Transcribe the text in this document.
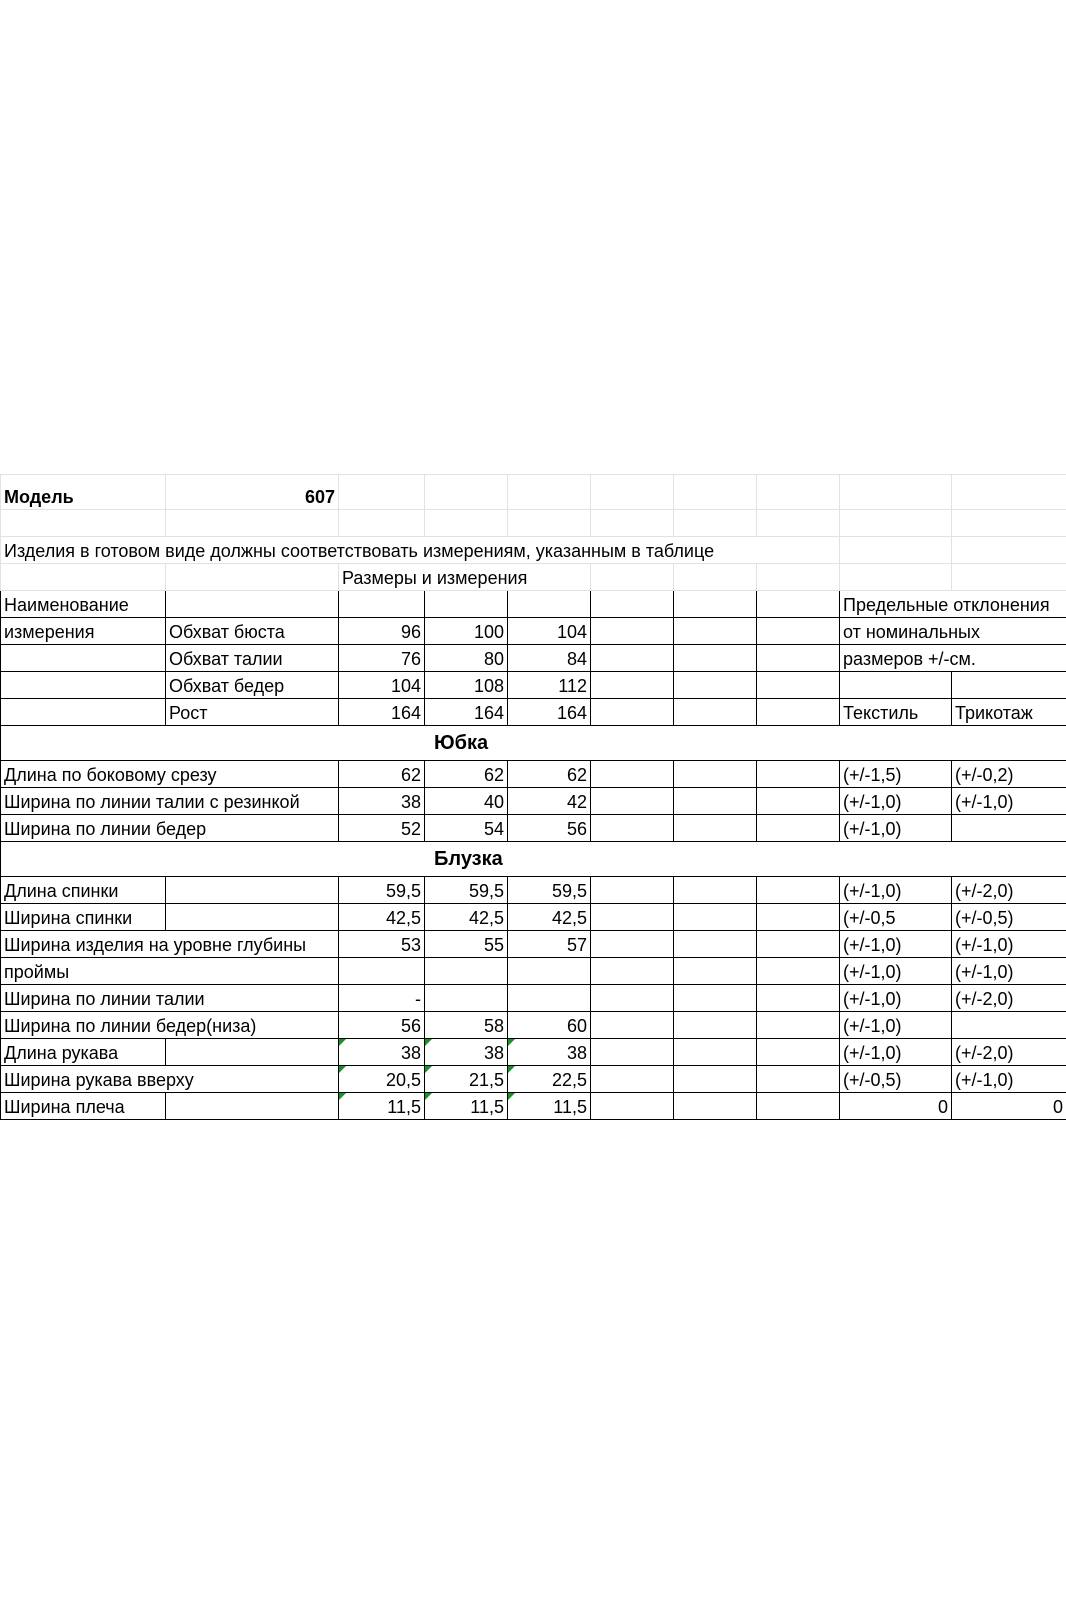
Модель	607								

Изделия в готовом виде должны соответствовать измерениям, указанным в таблице									
		Размеры и измерения							
Наименование								Предельные отклонения	
измерения	Обхват бюста	96	100	104				от номинальных	
	Обхват талии	76	80	84				размеров +/-см.	
	Обхват бедер	104	108	112					
	Рост	164	164	164				Текстиль	Трикотаж

Юбка									

Длина по боковому срезу		62	62	62				(+/-1,5)	(+/-0,2)
Ширина по линии талии с резинкой		38	40	42				(+/-1,0)	(+/-1,0)
Ширина по линии бедер		52	54	56				(+/-1,0)	

Блузка									

Длина спинки		59,5	59,5	59,5				(+/-1,0)	(+/-2,0)
Ширина спинки		42,5	42,5	42,5				(+/-0,5	(+/-0,5)
Ширина изделия на уровне глубины		53	55	57				(+/-1,0)	(+/-1,0)
проймы								(+/-1,0)	(+/-1,0)
Ширина по линии талии		-						(+/-1,0)	(+/-2,0)
Ширина по линии бедер(низа)		56	58	60				(+/-1,0)	
Длина рукава		38	38	38				(+/-1,0)	(+/-2,0)
Ширина рукава вверху		20,5	21,5	22,5				(+/-0,5)	(+/-1,0)
Ширина плеча		11,5	11,5	11,5				0	0
